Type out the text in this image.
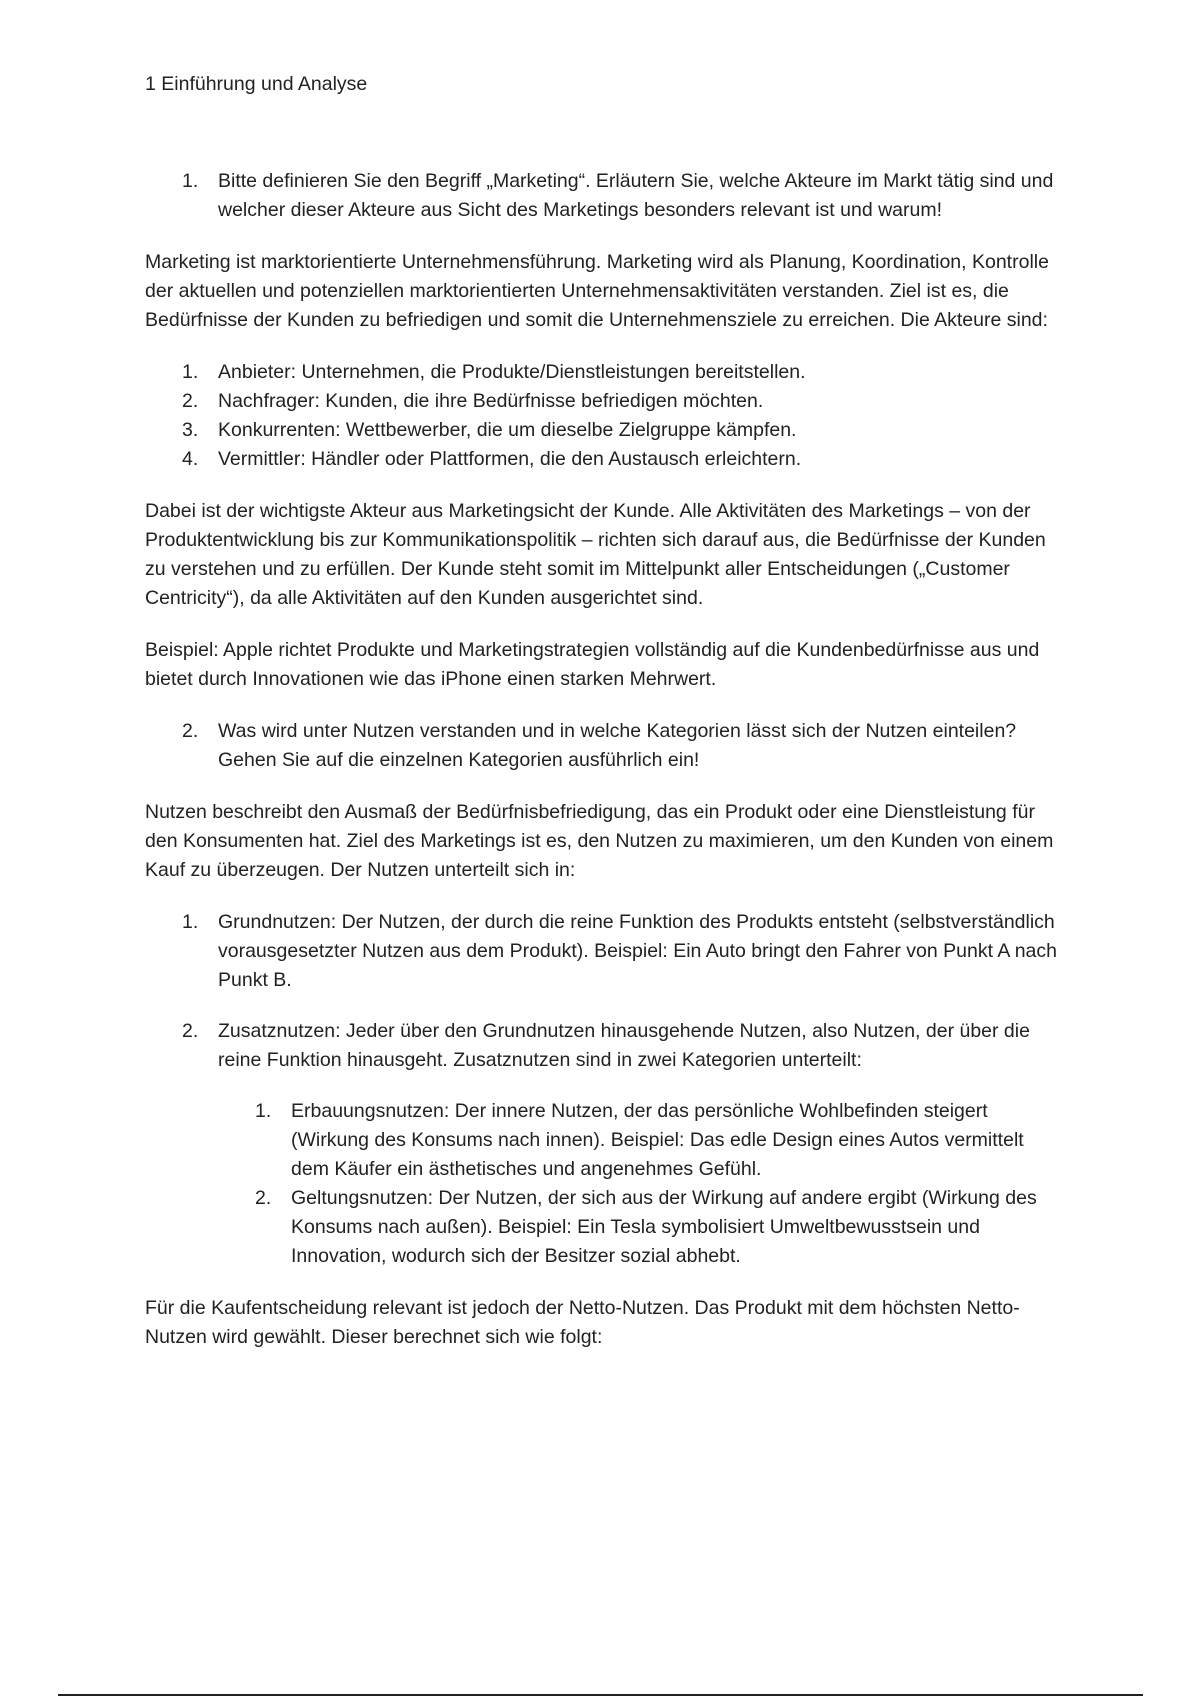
1 Einführung und Analyse
1. Bitte definieren Sie den Begriff „Marketing“. Erläutern Sie, welche Akteure im Markt tätig sind und welcher dieser Akteure aus Sicht des Marketings besonders relevant ist und warum!

Marketing ist marktorientierte Unternehmensführung. Marketing wird als Planung, Koordination, Kontrolle der aktuellen und potenziellen marktorientierten Unternehmensaktivitäten verstanden. Ziel ist es, die Bedürfnisse der Kunden zu befriedigen und somit die Unternehmensziele zu erreichen. Die Akteure sind:

1. Anbieter: Unternehmen, die Produkte/Dienstleistungen bereitstellen.
2. Nachfrager: Kunden, die ihre Bedürfnisse befriedigen möchten.
3. Konkurrenten: Wettbewerber, die um dieselbe Zielgruppe kämpfen.
4. Vermittler: Händler oder Plattformen, die den Austausch erleichtern.

Dabei ist der wichtigste Akteur aus Marketingsicht der Kunde. Alle Aktivitäten des Marketings – von der Produktentwicklung bis zur Kommunikationspolitik – richten sich darauf aus, die Bedürfnisse der Kunden zu verstehen und zu erfüllen. Der Kunde steht somit im Mittelpunkt aller Entscheidungen („Customer Centricity“), da alle Aktivitäten auf den Kunden ausgerichtet sind.

Beispiel: Apple richtet Produkte und Marketingstrategien vollständig auf die Kundenbedürfnisse aus und bietet durch Innovationen wie das iPhone einen starken Mehrwert.

2. Was wird unter Nutzen verstanden und in welche Kategorien lässt sich der Nutzen einteilen? Gehen Sie auf die einzelnen Kategorien ausführlich ein!

Nutzen beschreibt den Ausmaß der Bedürfnisbefriedigung, das ein Produkt oder eine Dienstleistung für den Konsumenten hat. Ziel des Marketings ist es, den Nutzen zu maximieren, um den Kunden von einem Kauf zu überzeugen. Der Nutzen unterteilt sich in:

1. Grundnutzen: Der Nutzen, der durch die reine Funktion des Produkts entsteht (selbstverständlich vorausgesetzter Nutzen aus dem Produkt). Beispiel: Ein Auto bringt den Fahrer von Punkt A nach Punkt B.
2. Zusatznutzen: Jeder über den Grundnutzen hinausgehende Nutzen, also Nutzen, der über die reine Funktion hinausgeht. Zusatznutzen sind in zwei Kategorien unterteilt:
1. Erbauungsnutzen: Der innere Nutzen, der das persönliche Wohlbefinden steigert (Wirkung des Konsums nach innen). Beispiel: Das edle Design eines Autos vermittelt dem Käufer ein ästhetisches und angenehmes Gefühl.
2. Geltungsnutzen: Der Nutzen, der sich aus der Wirkung auf andere ergibt (Wirkung des Konsums nach außen). Beispiel: Ein Tesla symbolisiert Umweltbewusstsein und Innovation, wodurch sich der Besitzer sozial abhebt.

Für die Kaufentscheidung relevant ist jedoch der Netto-Nutzen. Das Produkt mit dem höchsten Netto-Nutzen wird gewählt. Dieser berechnet sich wie folgt:
